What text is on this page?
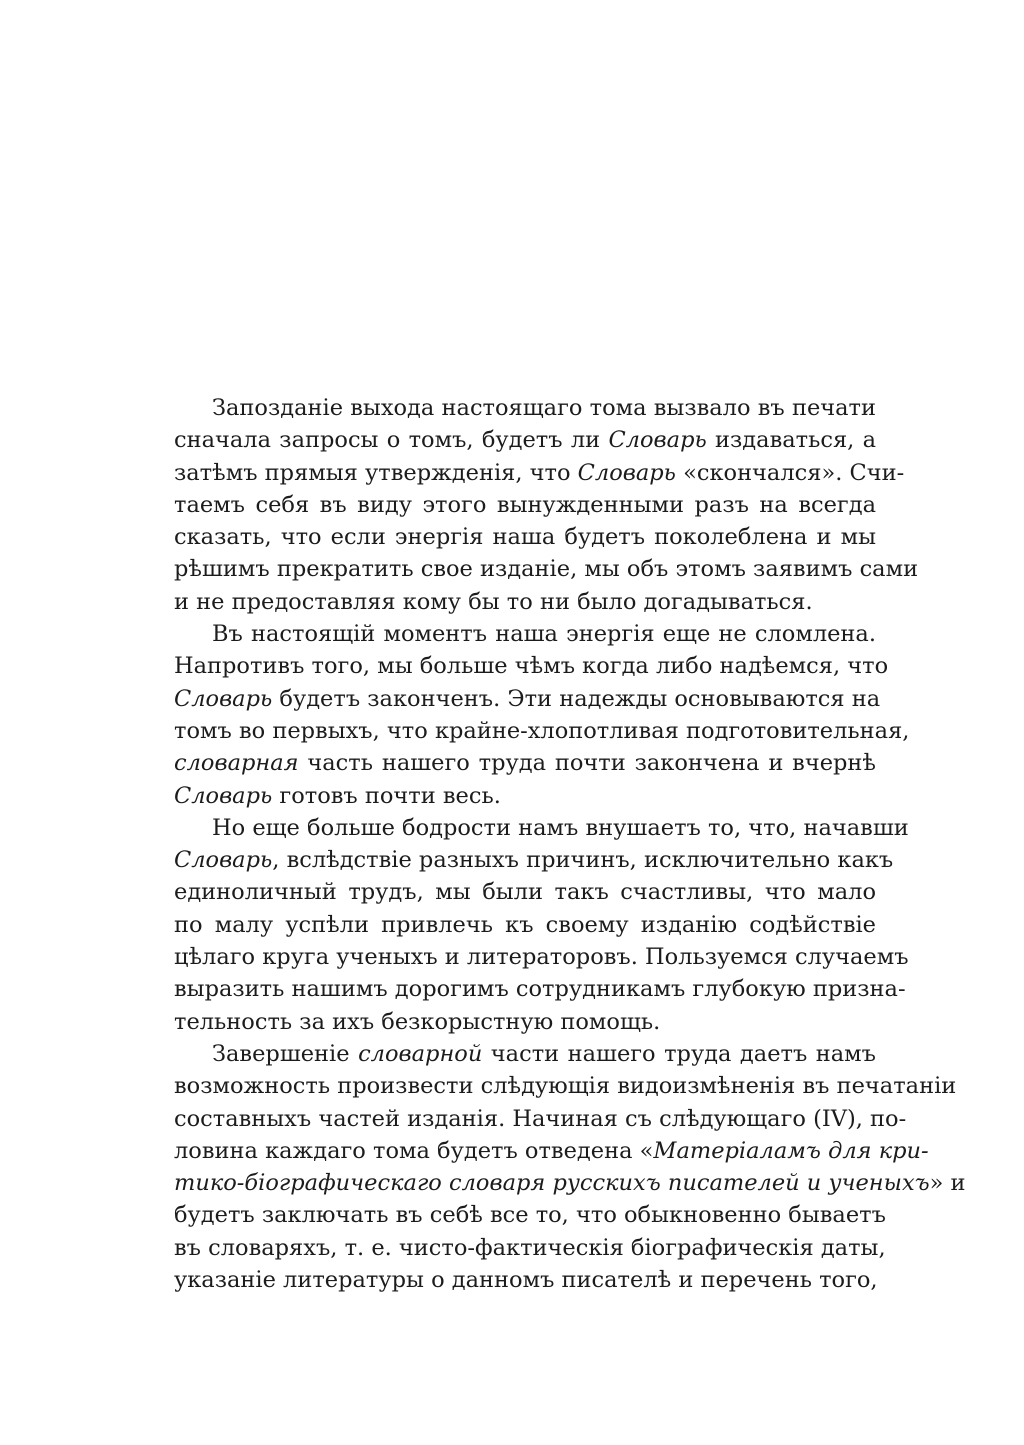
Запозданіе выхода настоящаго тома вызвало въ печати
сначала запросы о томъ, будетъ ли Словарь издаваться, а
затѣмъ прямыя утвержденія, что Словарь «скончался». Счи-
таемъ себя въ виду этого вынужденными разъ на всегда
сказать, что если энергія наша будетъ поколеблена и мы
рѣшимъ прекратить свое изданіе, мы объ этомъ заявимъ сами
и не предоставляя кому бы то ни было догадываться.
Въ настоящій моментъ наша энергія еще не сломлена.
Напротивъ того, мы больше чѣмъ когда либо надѣемся, что
Словарь будетъ законченъ. Эти надежды основываются на
томъ во первыхъ, что крайне-хлопотливая подготовительная,
словарная часть нашего труда почти закончена и вчернѣ
Словарь готовъ почти весь.
Но еще больше бодрости намъ внушаетъ то, что, начавши
Словарь, вслѣдствіе разныхъ причинъ, исключительно какъ
единоличный трудъ, мы были такъ счастливы, что мало
по малу успѣли привлечь къ своему изданію содѣйствіе
цѣлаго круга ученыхъ и литераторовъ. Пользуемся случаемъ
выразить нашимъ дорогимъ сотрудникамъ глубокую призна-
тельность за ихъ безкорыстную помощь.
Завершеніе словарной части нашего труда даетъ намъ
возможность произвести слѣдующія видоизмѣненія въ печатаніи
составныхъ частей изданія. Начиная съ слѣдующаго (IV), по-
ловина каждаго тома будетъ отведена «Матеріаламъ для кри-
тико-біографическаго словаря русскихъ писателей и ученыхъ» и
будетъ заключать въ себѣ все то, что обыкновенно бываетъ
въ словаряхъ, т. е. чисто-фактическія біографическія даты,
указаніе литературы о данномъ писателѣ и перечень того,
